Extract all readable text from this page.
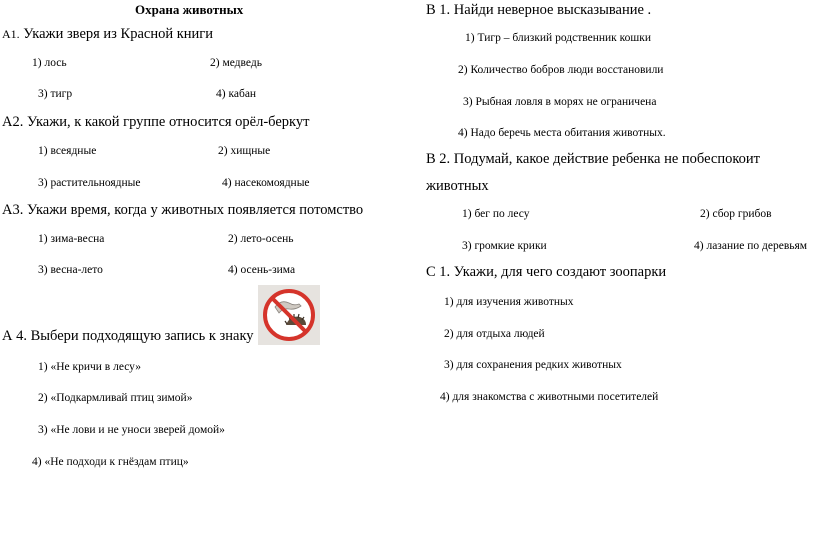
Охрана животных
А1. Укажи зверя из Красной книги
1) лось	2) медведь
3) тигр	4) кабан
А2. Укажи, к какой группе относится орёл-беркут
1) всеядные	2) хищные
3) растительноядные	4) насекомоядные
А3. Укажи время, когда у животных появляется потомство
1) зима-весна	2) лето-осень
3) весна-лето	4) осень-зима
А 4. Выбери подходящую запись к знаку
1) «Не кричи в лесу»
2) «Подкармливай птиц зимой»
3) «Не лови и не уноси зверей домой»
4) «Не подходи к гнёздам птиц»
В 1. Найди неверное высказывание .
1) Тигр – близкий родственник кошки
2) Количество бобров люди восстановили
3) Рыбная ловля в морях не ограничена
4) Надо беречь места обитания животных.
В 2. Подумай, какое действие ребенка не побеспокоит
животных
1) бег по лесу	2) сбор грибов
3) громкие крики	4) лазание по деревьям
С 1. Укажи, для чего создают зоопарки
1) для изучения животных
2) для отдыха людей
3) для сохранения редких животных
4) для знакомства с животными посетителей
